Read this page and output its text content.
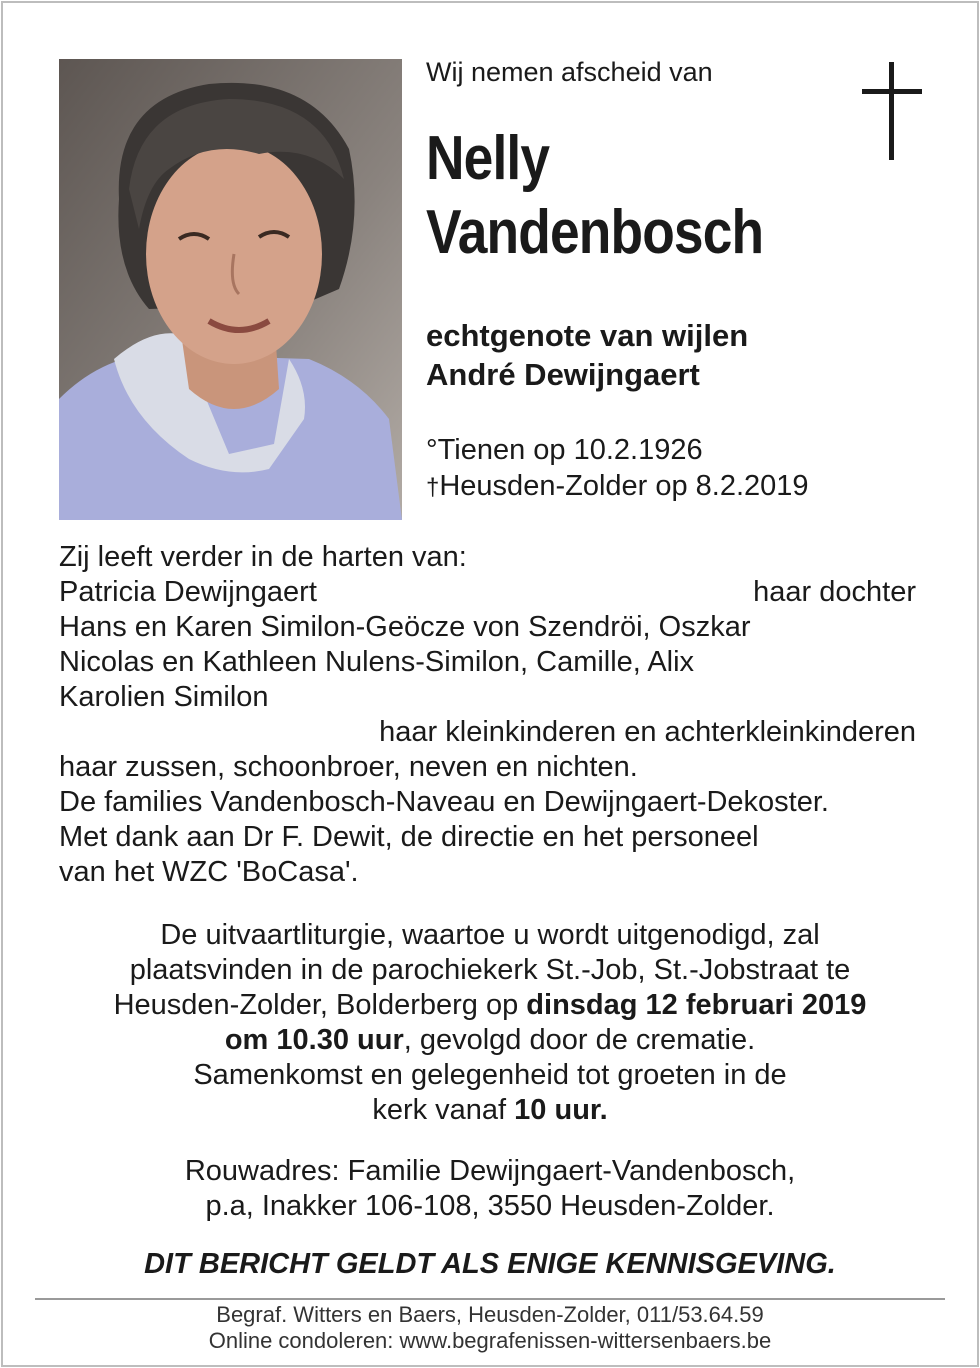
Wij nemen afscheid van
Nelly
Vandenbosch
echtgenote van wijlen
André Dewijngaert
°Tienen op 10.2.1926
†Heusden-Zolder op 8.2.2019
Zij leeft verder in de harten van:
Patricia Dewijngaert	haar dochter
Hans en Karen Similon-Geöcze von Szendröi, Oszkar
Nicolas en Kathleen Nulens-Similon, Camille, Alix
Karolien Similon
haar kleinkinderen en achterkleinkinderen
haar zussen, schoonbroer, neven en nichten.
De families Vandenbosch-Naveau en Dewijngaert-Dekoster.
Met dank aan Dr F. Dewit, de directie en het personeel
van het WZC 'BoCasa'.
De uitvaartliturgie, waartoe u wordt uitgenodigd, zal
plaatsvinden in de parochiekerk St.-Job, St.-Jobstraat te
Heusden-Zolder, Bolderberg op dinsdag 12 februari 2019
om 10.30 uur, gevolgd door de crematie.
Samenkomst en gelegenheid tot groeten in de
kerk vanaf 10 uur.
Rouwadres: Familie Dewijngaert-Vandenbosch,
p.a, Inakker 106-108, 3550 Heusden-Zolder.
DIT BERICHT GELDT ALS ENIGE KENNISGEVING.
Begraf. Witters en Baers, Heusden-Zolder, 011/53.64.59
Online condoleren: www.begrafenissen-wittersenbaers.be
